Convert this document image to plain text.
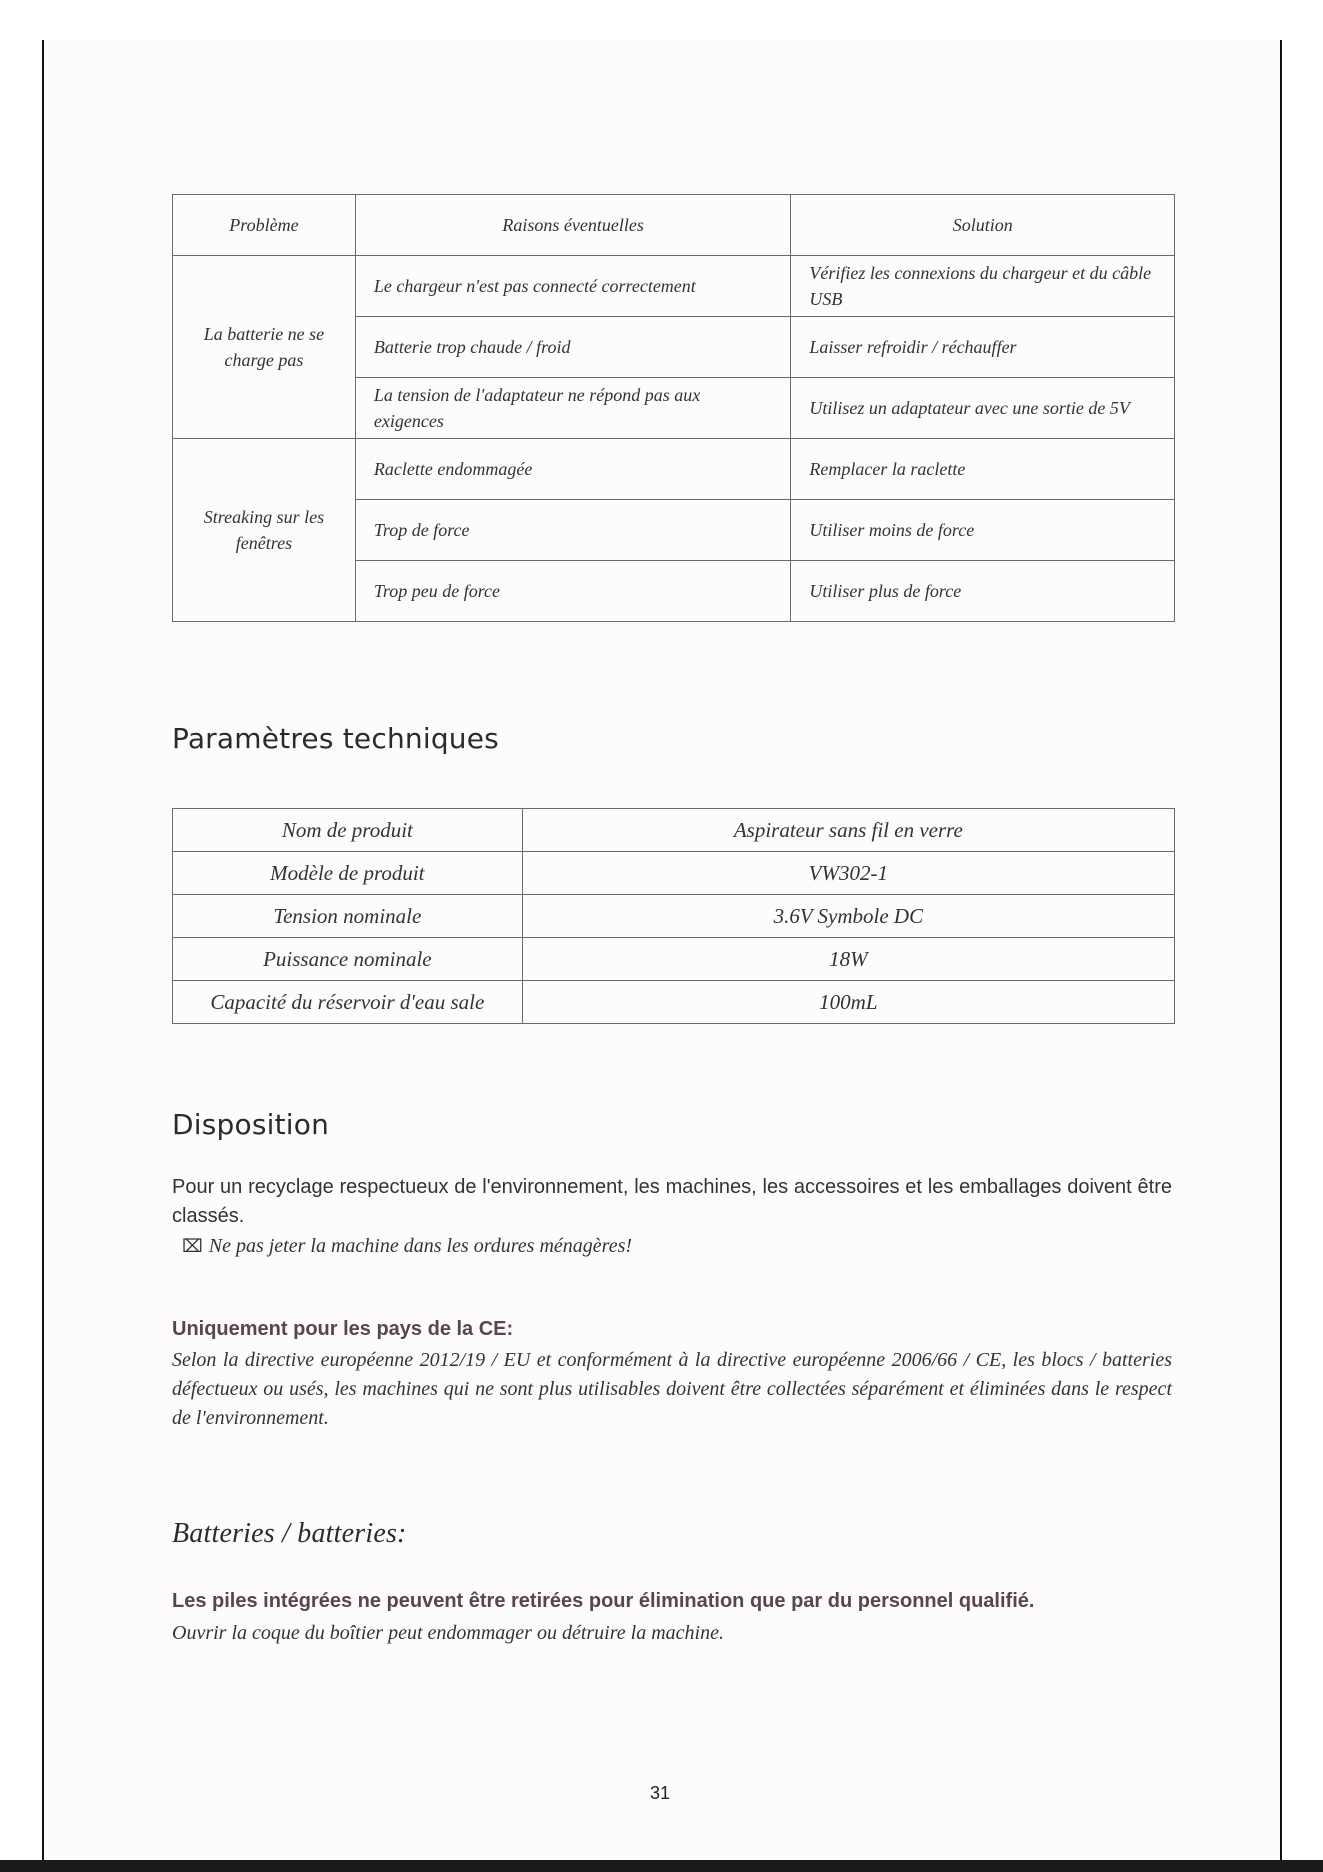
Problème	Raisons éventuelles	Solution
La batterie ne se charge pas	Le chargeur n'est pas connecté correctement	Vérifiez les connexions du chargeur et du câble USB
	Batterie trop chaude / froid	Laisser refroidir / réchauffer
	La tension de l'adaptateur ne répond pas aux exigences	Utilisez un adaptateur avec une sortie de 5V
Streaking sur les fenêtres	Raclette endommagée	Remplacer la raclette
	Trop de force	Utiliser moins de force
	Trop peu de force	Utiliser plus de force
Paramètres techniques
Nom de produit	Aspirateur sans fil en verre
Modèle de produit	VW302-1
Tension nominale	3.6V Symbole DC
Puissance nominale	18W
Capacité du réservoir d'eau sale	100mL
Disposition
Pour un recyclage respectueux de l'environnement, les machines, les accessoires et les emballages doivent être classés.
⌧ Ne pas jeter la machine dans les ordures ménagères!
Uniquement pour les pays de la CE:
Selon la directive européenne 2012/19 / EU et conformément à la directive européenne 2006/66 / CE, les blocs / batteries défectueux ou usés, les machines qui ne sont plus utilisables doivent être collectées séparément et éliminées dans le respect de l'environnement.
Batteries / batteries:
Les piles intégrées ne peuvent être retirées pour élimination que par du personnel qualifié.
Ouvrir la coque du boîtier peut endommager ou détruire la machine.
31
